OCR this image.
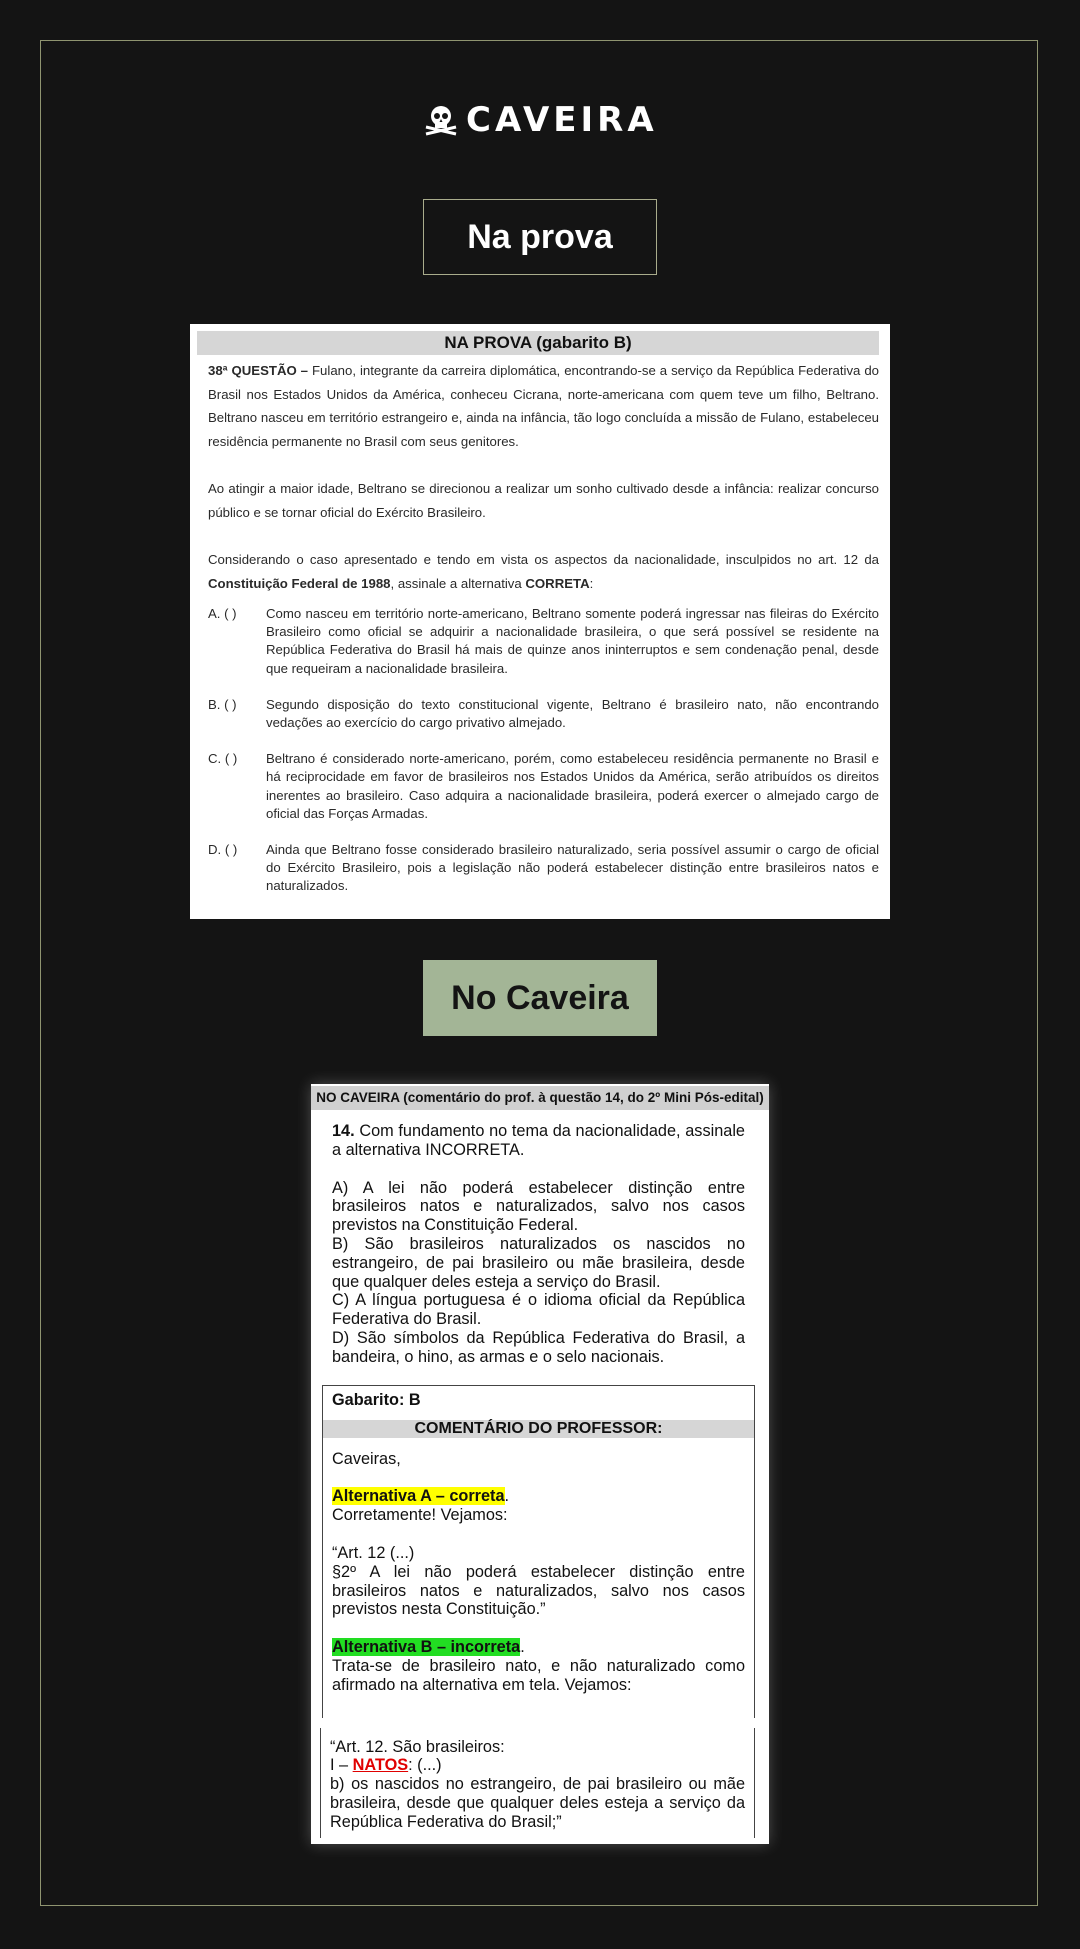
CAVEIRA
Na prova
NA PROVA (gabarito B)

38ª QUESTÃO – Fulano, integrante da carreira diplomática, encontrando-se a serviço da República Federativa do Brasil nos Estados Unidos da América, conheceu Cicrana, norte-americana com quem teve um filho, Beltrano. Beltrano nasceu em território estrangeiro e, ainda na infância, tão logo concluída a missão de Fulano, estabeleceu residência permanente no Brasil com seus genitores.

Ao atingir a maior idade, Beltrano se direcionou a realizar um sonho cultivado desde a infância: realizar concurso público e se tornar oficial do Exército Brasileiro.

Considerando o caso apresentado e tendo em vista os aspectos da nacionalidade, insculpidos no art. 12 da Constituição Federal de 1988, assinale a alternativa CORRETA:

A. ( )	Como nasceu em território norte-americano, Beltrano somente poderá ingressar nas fileiras do Exército Brasileiro como oficial se adquirir a nacionalidade brasileira, o que será possível se residente na República Federativa do Brasil há mais de quinze anos ininterruptos e sem condenação penal, desde que requeiram a nacionalidade brasileira.
B. ( )	Segundo disposição do texto constitucional vigente, Beltrano é brasileiro nato, não encontrando vedações ao exercício do cargo privativo almejado.
C. ( )	Beltrano é considerado norte-americano, porém, como estabeleceu residência permanente no Brasil e há reciprocidade em favor de brasileiros nos Estados Unidos da América, serão atribuídos os direitos inerentes ao brasileiro. Caso adquira a nacionalidade brasileira, poderá exercer o almejado cargo de oficial das Forças Armadas.
D. ( )	Ainda que Beltrano fosse considerado brasileiro naturalizado, seria possível assumir o cargo de oficial do Exército Brasileiro, pois a legislação não poderá estabelecer distinção entre brasileiros natos e naturalizados.
No Caveira
NO CAVEIRA (comentário do prof. à questão 14, do 2º Mini Pós-edital)

14. Com fundamento no tema da nacionalidade, assinale a alternativa INCORRETA.

A) A lei não poderá estabelecer distinção entre brasileiros natos e naturalizados, salvo nos casos previstos na Constituição Federal.

B) São brasileiros naturalizados os nascidos no estrangeiro, de pai brasileiro ou mãe brasileira, desde que qualquer deles esteja a serviço do Brasil.

C) A língua portuguesa é o idioma oficial da República Federativa do Brasil.

D) São símbolos da República Federativa do Brasil, a bandeira, o hino, as armas e o selo nacionais.

Gabarito: B
COMENTÁRIO DO PROFESSOR:

Caveiras,

Alternativa A – correta.

Corretamente! Vejamos:

“Art. 12 (...)

§2º A lei não poderá estabelecer distinção entre brasileiros natos e naturalizados, salvo nos casos previstos nesta Constituição.”

Alternativa B – incorreta.

Trata-se de brasileiro nato, e não naturalizado como afirmado na alternativa em tela. Vejamos:

“Art. 12. São brasileiros:

I – NATOS: (...)

b) os nascidos no estrangeiro, de pai brasileiro ou mãe brasileira, desde que qualquer deles esteja a serviço da República Federativa do Brasil;”
